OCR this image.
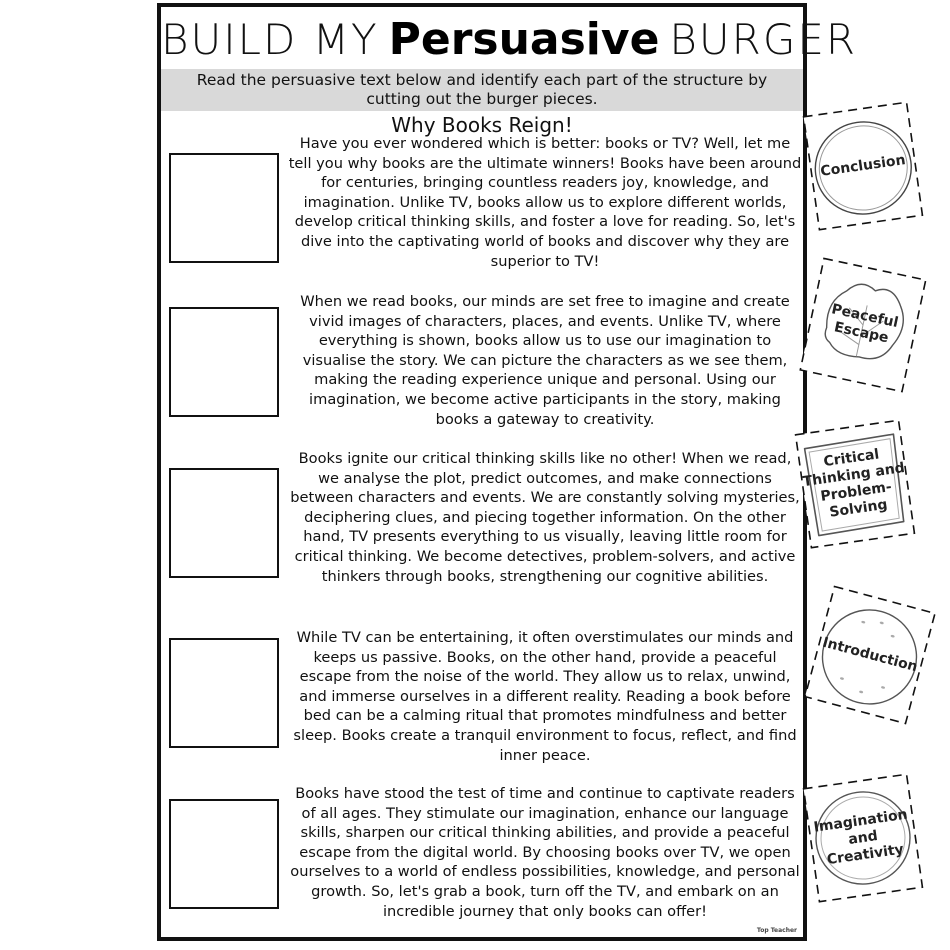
BUILD MY Persuasive BURGER
Read the persuasive text below and identify each part of the structure by cutting out the burger pieces.
Why Books Reign!
Have you ever wondered which is better: books or TV? Well, let me tell you why books are the ultimate winners! Books have been around for centuries, bringing countless readers joy, knowledge, and imagination. Unlike TV, books allow us to explore different worlds, develop critical thinking skills, and foster a love for reading. So, let's dive into the captivating world of books and discover why they are superior to TV!
When we read books, our minds are set free to imagine and create vivid images of characters, places, and events. Unlike TV, where everything is shown, books allow us to use our imagination to visualise the story. We can picture the characters as we see them, making the reading experience unique and personal. Using our imagination, we become active participants in the story, making books a gateway to creativity.
Books ignite our critical thinking skills like no other! When we read, we analyse the plot, predict outcomes, and make connections between characters and events. We are constantly solving mysteries, deciphering clues, and piecing together information. On the other hand, TV presents everything to us visually, leaving little room for critical thinking. We become detectives, problem-solvers, and active thinkers through books, strengthening our cognitive abilities.
While TV can be entertaining, it often overstimulates our minds and keeps us passive. Books, on the other hand, provide a peaceful escape from the noise of the world. They allow us to relax, unwind, and immerse ourselves in a different reality. Reading a book before bed can be a calming ritual that promotes mindfulness and better sleep. Books create a tranquil environment to focus, reflect, and find inner peace.
Books have stood the test of time and continue to captivate readers of all ages. They stimulate our imagination, enhance our language skills, sharpen our critical thinking abilities, and provide a peaceful escape from the digital world. By choosing books over TV, we open ourselves to a world of endless possibilities, knowledge, and personal growth. So, let's grab a book, turn off the TV, and embark on an incredible journey that only books can offer!
Top Teacher
Conclusion
Peaceful Escape
Critical Thinking and Problem-Solving
Introduction
Imagination and Creativity
